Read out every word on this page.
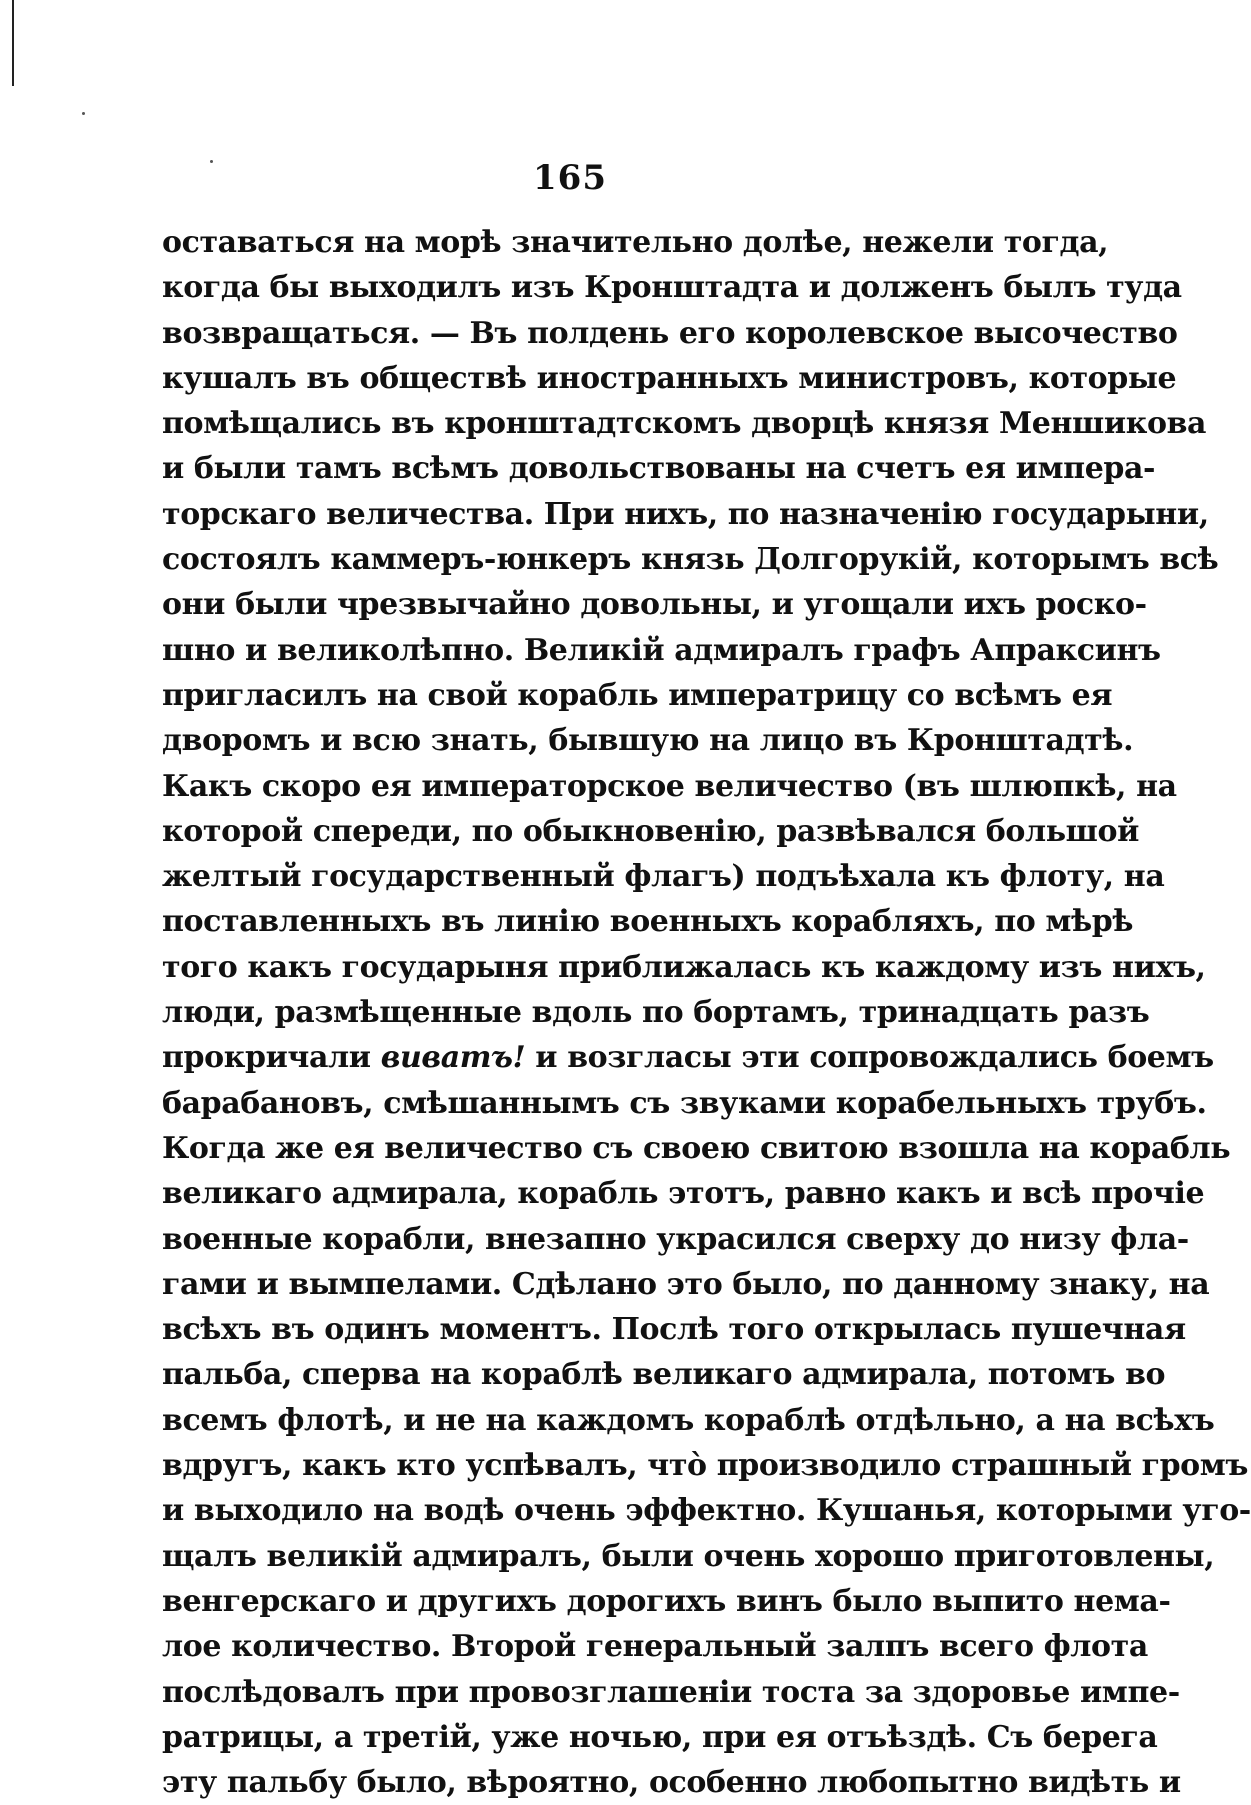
165
оставаться на морѣ значительно долѣе, нежели тогда,
когда бы выходилъ изъ Кронштадта и долженъ былъ туда
возвращаться. — Въ полдень его королевское высочество
кушалъ въ обществѣ иностранныхъ министровъ, которые
помѣщались въ кронштадтскомъ дворцѣ князя Меншикова
и были тамъ всѣмъ довольствованы на счетъ ея импера-
торскаго величества. При нихъ, по назначенію государыни,
состоялъ каммеръ-юнкеръ князь Долгорукій, которымъ всѣ
они были чрезвычайно довольны, и угощали ихъ роско-
шно и великолѣпно. Великій адмиралъ графъ Апраксинъ
пригласилъ на свой корабль императрицу со всѣмъ ея
дворомъ и всю знать, бывшую на лицо въ Кронштадтѣ.
Какъ скоро ея императорское величество (въ шлюпкѣ, на
которой спереди, по обыкновенію, развѣвался большой
желтый государственный флагъ) подъѣхала къ флоту, на
поставленныхъ въ линію военныхъ корабляхъ, по мѣрѣ
того какъ государыня приближалась къ каждому изъ нихъ,
люди, размѣщенные вдоль по бортамъ, тринадцать разъ
прокричали виватъ! и возгласы эти сопровождались боемъ
барабановъ, смѣшаннымъ съ звуками корабельныхъ трубъ.
Когда же ея величество съ своею свитою взошла на корабль
великаго адмирала, корабль этотъ, равно какъ и всѣ прочіе
военные корабли, внезапно украсился сверху до низу фла-
гами и вымпелами. Сдѣлано это было, по данному знаку, на
всѣхъ въ одинъ моментъ. Послѣ того открылась пушечная
пальба, сперва на кораблѣ великаго адмирала, потомъ во
всемъ флотѣ, и не на каждомъ кораблѣ отдѣльно, а на всѣхъ
вдругъ, какъ кто успѣвалъ, что̀ производило страшный громъ
и выходило на водѣ очень эффектно. Кушанья, которыми уго-
щалъ великій адмиралъ, были очень хорошо приготовлены,
венгерскаго и другихъ дорогихъ винъ было выпито нема-
лое количество. Второй генеральный залпъ всего флота
послѣдовалъ при провозглашеніи тоста за здоровье импе-
ратрицы, а третій, уже ночью, при ея отъѣздѣ. Съ берега
эту пальбу было, вѣроятно, особенно любопытно видѣть и
